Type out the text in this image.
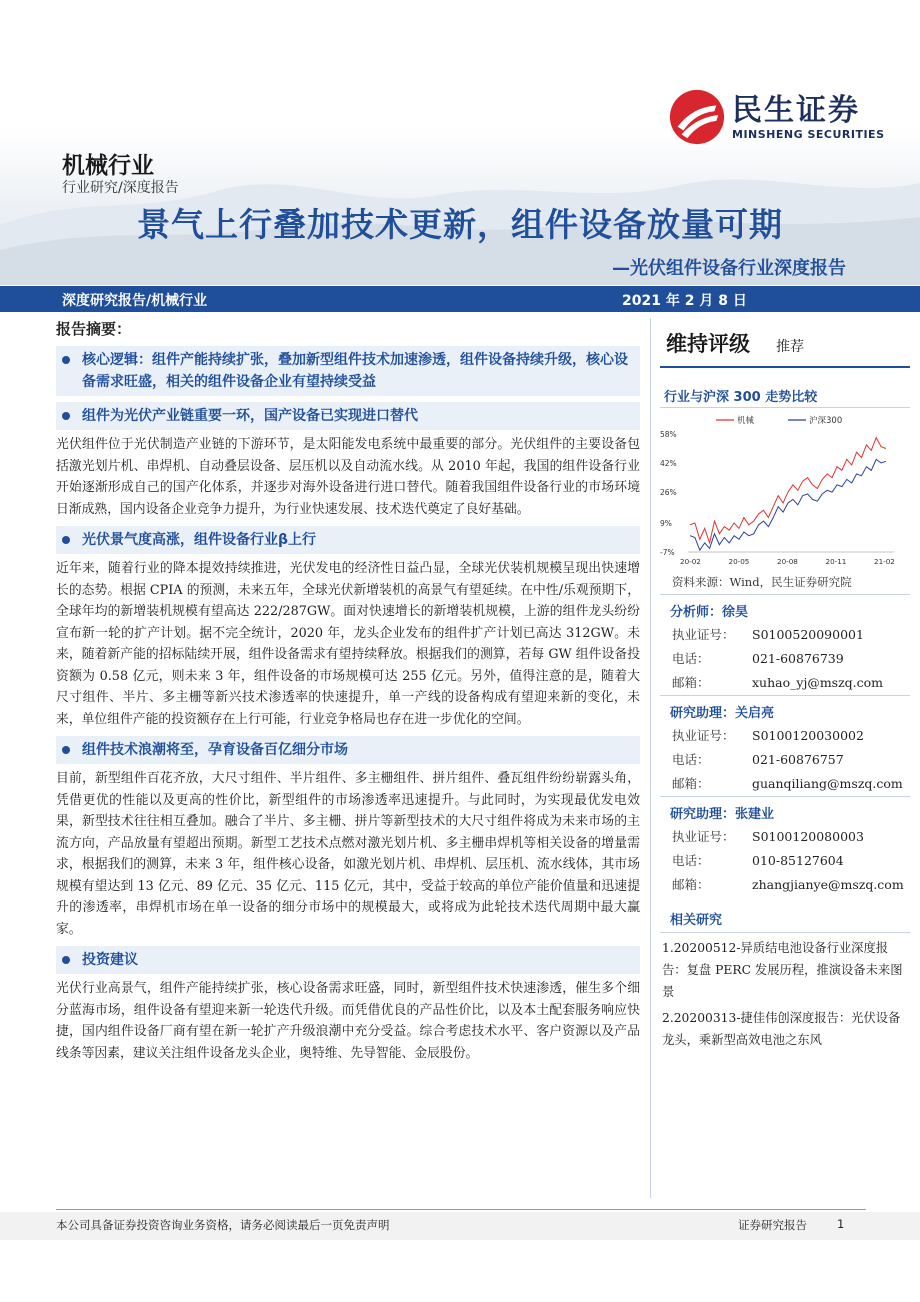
民生证券
MINSHENG SECURITIES
机械行业
行业研究/深度报告
景气上行叠加技术更新，组件设备放量可期
—光伏组件设备行业深度报告
深度研究报告/机械行业	2021 年 2 月 8 日
报告摘要：
核心逻辑：组件产能持续扩张，叠加新型组件技术加速渗透，组件设备持续升级，核心设备需求旺盛，相关的组件设备企业有望持续受益
组件为光伏产业链重要一环，国产设备已实现进口替代
光伏组件位于光伏制造产业链的下游环节，是太阳能发电系统中最重要的部分。光伏组件的主要设备包括激光划片机、串焊机、自动叠层设备、层压机以及自动流水线。从 2010 年起，我国的组件设备行业开始逐渐形成自己的国产化体系，并逐步对海外设备进行进口替代。随着我国组件设备行业的市场环境日渐成熟，国内设备企业竞争力提升，为行业快速发展、技术迭代奠定了良好基础。
光伏景气度高涨，组件设备行业β上行
近年来，随着行业的降本提效持续推进，光伏发电的经济性日益凸显，全球光伏装机规模呈现出快速增长的态势。根据 CPIA 的预测，未来五年，全球光伏新增装机的高景气有望延续。在中性/乐观预期下，全球年均的新增装机规模有望高达 222/287GW。面对快速增长的新增装机规模，上游的组件龙头纷纷宣布新一轮的扩产计划。据不完全统计，2020 年，龙头企业发布的组件扩产计划已高达 312GW。未来，随着新产能的招标陆续开展，组件设备需求有望持续释放。根据我们的测算，若每 GW 组件设备投资额为 0.58 亿元，则未来 3 年，组件设备的市场规模可达 255 亿元。另外，值得注意的是，随着大尺寸组件、半片、多主栅等新兴技术渗透率的快速提升，单一产线的设备构成有望迎来新的变化，未来，单位组件产能的投资额存在上行可能，行业竞争格局也存在进一步优化的空间。
组件技术浪潮将至，孕育设备百亿细分市场
目前，新型组件百花齐放，大尺寸组件、半片组件、多主栅组件、拼片组件、叠瓦组件纷纷崭露头角，凭借更优的性能以及更高的性价比，新型组件的市场渗透率迅速提升。与此同时，为实现最优发电效果，新型技术往往相互叠加。融合了半片、多主栅、拼片等新型技术的大尺寸组件将成为未来市场的主流方向，产品放量有望超出预期。新型工艺技术点燃对激光划片机、多主栅串焊机等相关设备的增量需求，根据我们的测算，未来 3 年，组件核心设备，如激光划片机、串焊机、层压机、流水线体，其市场规模有望达到 13 亿元、89 亿元、35 亿元、115 亿元，其中，受益于较高的单位产能价值量和迅速提升的渗透率，串焊机市场在单一设备的细分市场中的规模最大，或将成为此轮技术迭代周期中最大赢家。
投资建议
光伏行业高景气，组件产能持续扩张，核心设备需求旺盛，同时，新型组件技术快速渗透，催生多个细分蓝海市场，组件设备有望迎来新一轮迭代升级。而凭借优良的产品性价比，以及本土配套服务响应快捷，国内组件设备厂商有望在新一轮扩产升级浪潮中充分受益。综合考虑技术水平、客户资源以及产品线条等因素，建议关注组件设备龙头企业，奥特维、先导智能、金辰股份。
维持评级 推荐
行业与沪深 300 走势比较
机械	沪深300
58%
42%
26%
9%
-7%
20-02	20-05	20-08	20-11	21-02
资料来源：Wind，民生证券研究院
分析师：徐昊
执业证号：	S0100520090001
电话：	021-60876739
邮箱：	xuhao_yj@mszq.com
研究助理：关启亮
执业证号：	S0100120030002
电话：	021-60876757
邮箱：	guanqiliang@mszq.com
研究助理：张建业
执业证号：	S0100120080003
电话：	010-85127604
邮箱：	zhangjianye@mszq.com
相关研究
1.20200512-异质结电池设备行业深度报告：复盘 PERC 发展历程，推演设备未来图景
2.20200313-捷佳伟创深度报告：光伏设备龙头，乘新型高效电池之东风
本公司具备证券投资咨询业务资格，请务必阅读最后一页免责声明	证券研究报告	1
